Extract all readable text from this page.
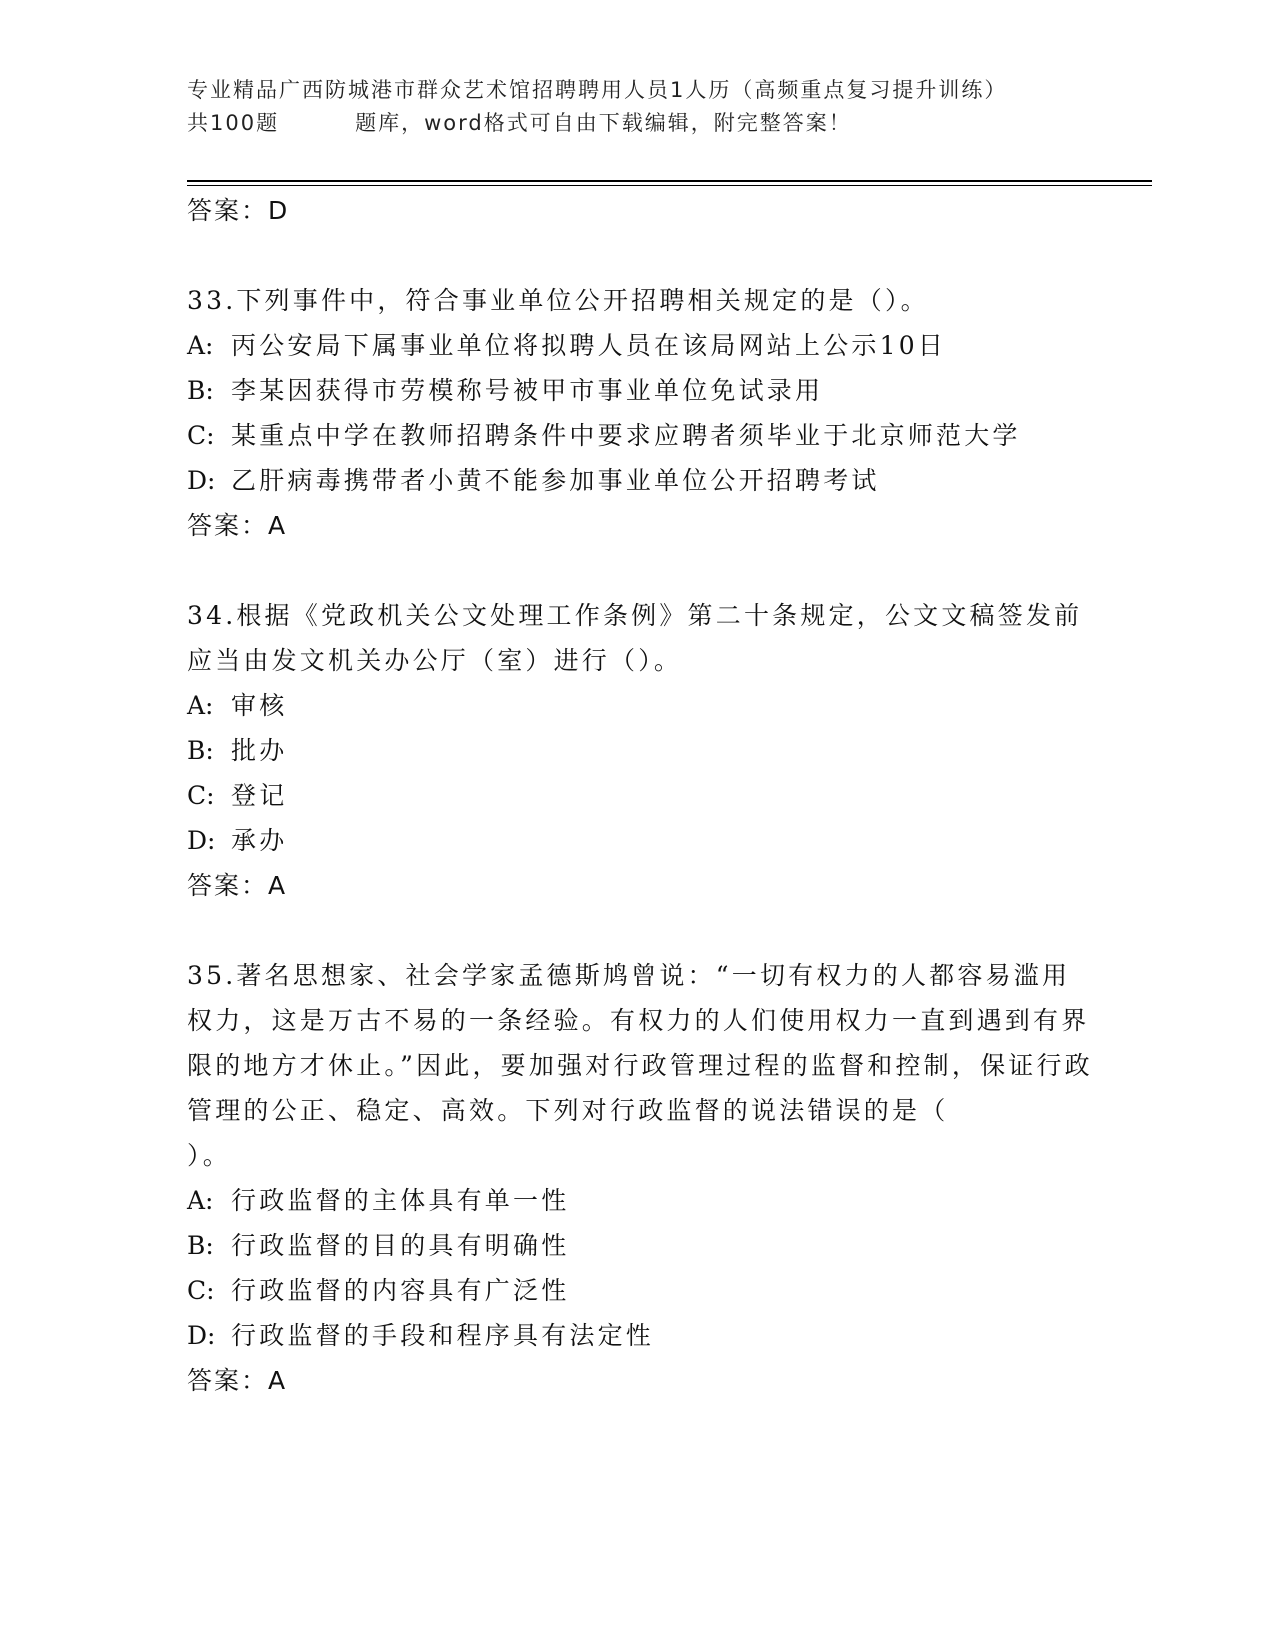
专业精品广西防城港市群众艺术馆招聘聘用人员1人历（高频重点复习提升训练）
共100题	题库，word格式可自由下载编辑，附完整答案！
答案：D
33.下列事件中，符合事业单位公开招聘相关规定的是（）。
A: 丙公安局下属事业单位将拟聘人员在该局网站上公示10日
B: 李某因获得市劳模称号被甲市事业单位免试录用
C: 某重点中学在教师招聘条件中要求应聘者须毕业于北京师范大学
D: 乙肝病毒携带者小黄不能参加事业单位公开招聘考试
答案：A
34.根据《党政机关公文处理工作条例》第二十条规定，公文文稿签发前应当由发文机关办公厅（室）进行（）。
A: 审核
B: 批办
C: 登记
D: 承办
答案：A
35.著名思想家、社会学家孟德斯鸠曾说：“一切有权力的人都容易滥用权力，这是万古不易的一条经验。有权力的人们使用权力一直到遇到有界限的地方才休止。”因此，要加强对行政管理过程的监督和控制，保证行政管理的公正、稳定、高效。下列对行政监督的说法错误的是（）。
A: 行政监督的主体具有单一性
B: 行政监督的目的具有明确性
C: 行政监督的内容具有广泛性
D: 行政监督的手段和程序具有法定性
答案：A
